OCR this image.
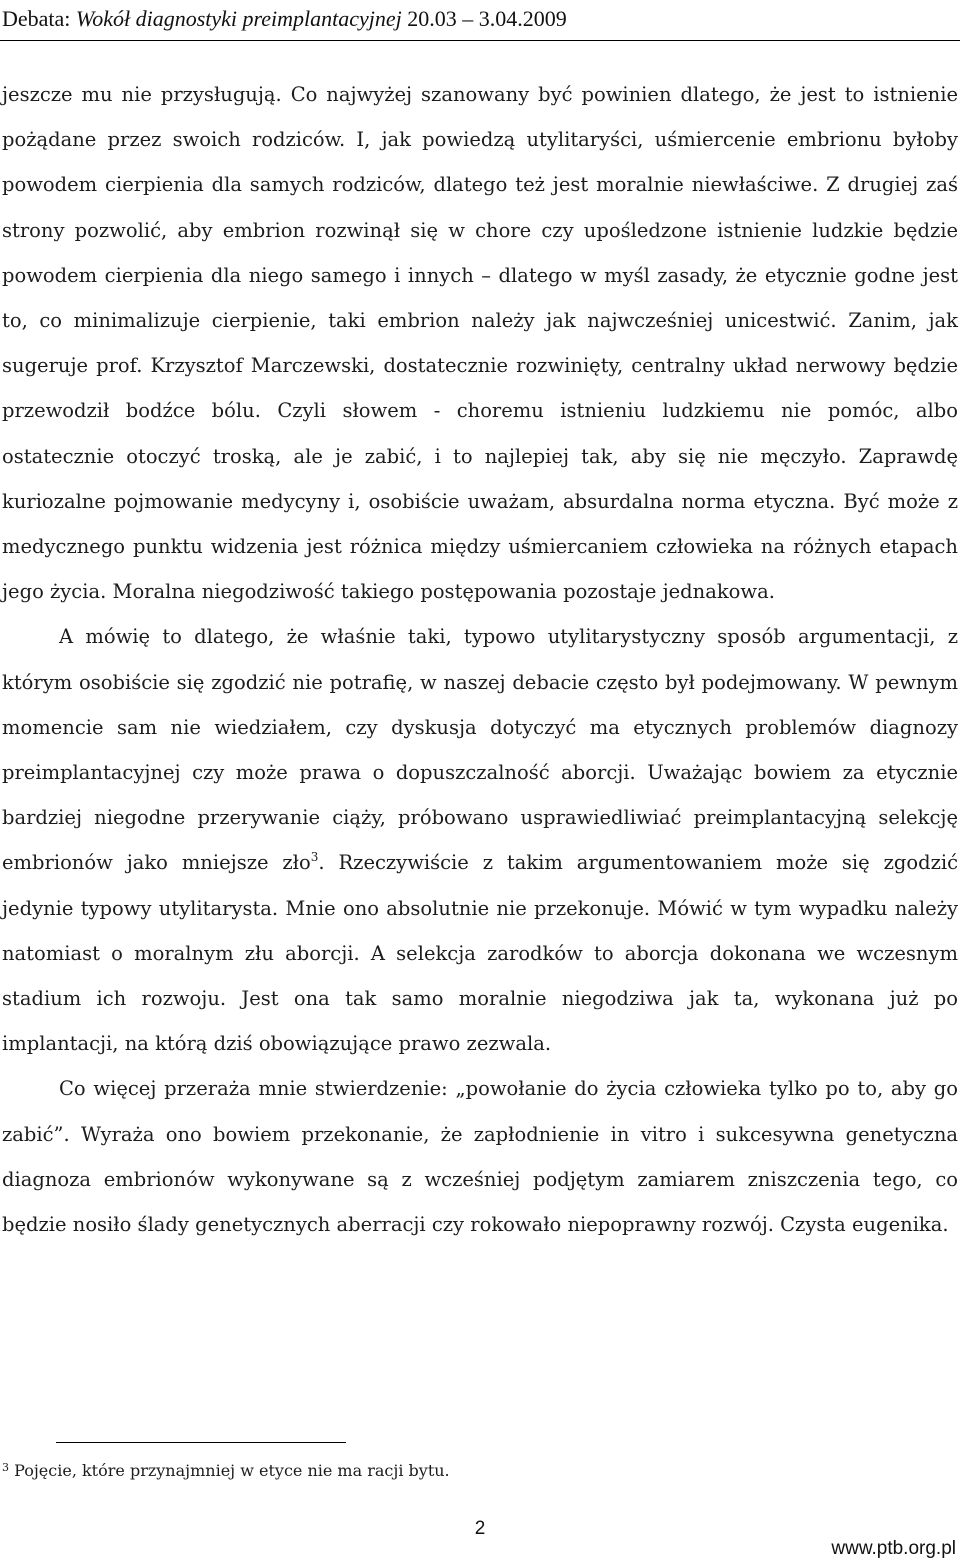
Debata: Wokół diagnostyki preimplantacyjnej 20.03 – 3.04.2009

jeszcze mu nie przysługują. Co najwyżej szanowany być powinien dlatego, że jest to istnienie pożądane przez swoich rodziców. I, jak powiedzą utylitaryści, uśmiercenie embrionu byłoby powodem cierpienia dla samych rodziców, dlatego też jest moralnie niewłaściwe. Z drugiej zaś strony pozwolić, aby embrion rozwinął się w chore czy upośledzone istnienie ludzkie będzie powodem cierpienia dla niego samego i innych – dlatego w myśl zasady, że etycznie godne jest to, co minimalizuje cierpienie, taki embrion należy jak najwcześniej unicestwić. Zanim, jak sugeruje prof. Krzysztof Marczewski, dostatecznie rozwinięty, centralny układ nerwowy będzie przewodził bodźce bólu. Czyli słowem - choremu istnieniu ludzkiemu nie pomóc, albo ostatecznie otoczyć troską, ale je zabić, i to najlepiej tak, aby się nie męczyło. Zaprawdę kuriozalne pojmowanie medycyny i, osobiście uważam, absurdalna norma etyczna. Być może z medycznego punktu widzenia jest różnica między uśmiercaniem człowieka na różnych etapach jego życia. Moralna niegodziwość takiego postępowania pozostaje jednakowa.

A mówię to dlatego, że właśnie taki, typowo utylitarystyczny sposób argumentacji, z którym osobiście się zgodzić nie potrafię, w naszej debacie często był podejmowany. W pewnym momencie sam nie wiedziałem, czy dyskusja dotyczyć ma etycznych problemów diagnozy preimplantacyjnej czy może prawa o dopuszczalność aborcji. Uważając bowiem za etycznie bardziej niegodne przerywanie ciąży, próbowano usprawiedliwiać preimplantacyjną selekcję embrionów jako mniejsze zło$^3$. Rzeczywiście z takim argumentowaniem może się zgodzić jedynie typowy utylitarysta. Mnie ono absolutnie nie przekonuje. Mówić w tym wypadku należy natomiast o moralnym złu aborcji. A selekcja zarodków to aborcja dokonana we wczesnym stadium ich rozwoju. Jest ona tak samo moralnie niegodziwa jak ta, wykonana już po implantacji, na którą dziś obowiązujące prawo zezwala.

Co więcej przeraża mnie stwierdzenie: „powołanie do życia człowieka tylko po to, aby go zabić”. Wyraża ono bowiem przekonanie, że zapłodnienie in vitro i sukcesywna genetyczna diagnoza embrionów wykonywane są z wcześniej podjętym zamiarem zniszczenia tego, co będzie nosiło ślady genetycznych aberracji czy rokowało niepoprawny rozwój. Czysta eugenika.

$^3$ Pojęcie, które przynajmniej w etyce nie ma racji bytu.
2
www.ptb.org.pl
